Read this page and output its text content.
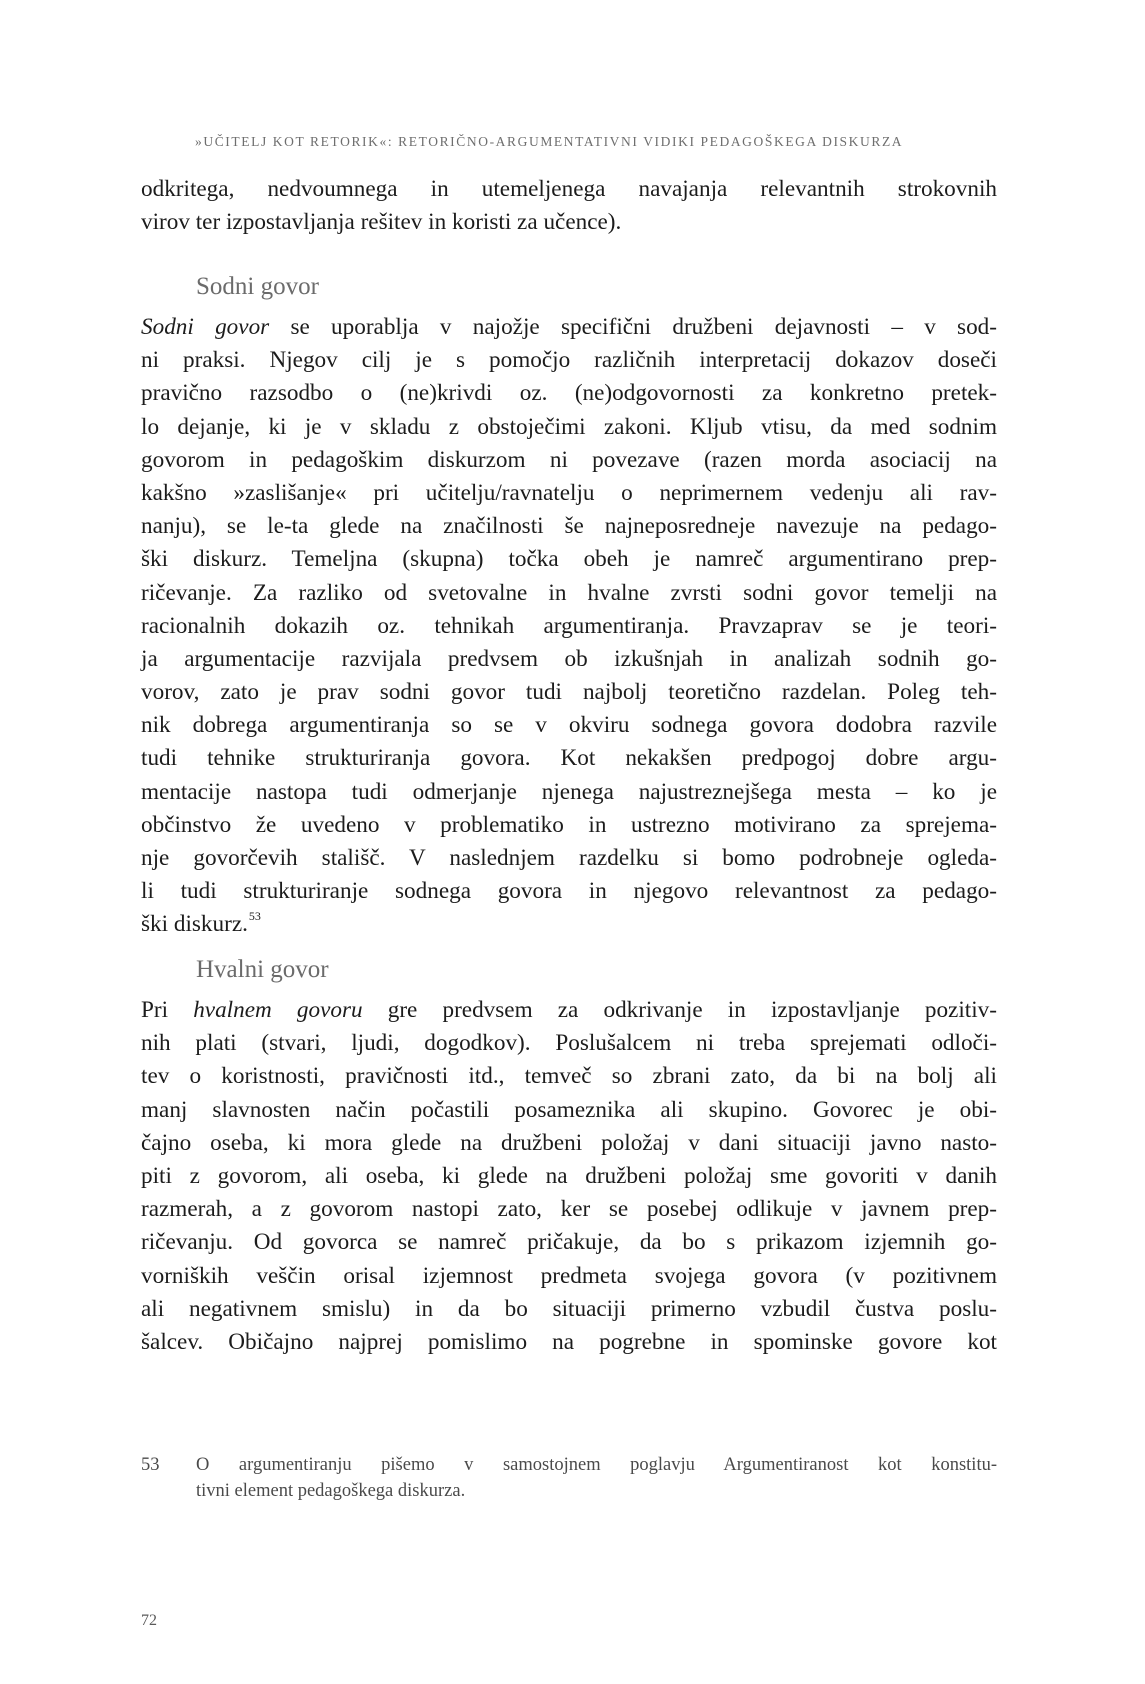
»UČITELJ KOT RETORIK«: RETORIČNO-ARGUMENTATIVNI VIDIKI PEDAGOŠKEGA DISKURZA
odkritega, nedvoumnega in utemeljenega navajanja relevantnih strokovnih
virov ter izpostavljanja rešitev in koristi za učence).
Sodni govor
Sodni govor se uporablja v najožje specifični družbeni dejavnosti – v sod-
ni praksi. Njegov cilj je s pomočjo različnih interpretacij dokazov doseči
pravično razsodbo o (ne)krivdi oz. (ne)odgovornosti za konkretno pretek-
lo dejanje, ki je v skladu z obstoječimi zakoni. Kljub vtisu, da med sodnim
govorom in pedagoškim diskurzom ni povezave (razen morda asociacij na
kakšno »zaslišanje« pri učitelju/ravnatelju o neprimernem vedenju ali rav-
nanju), se le-ta glede na značilnosti še najneposredneje navezuje na pedago-
ški diskurz. Temeljna (skupna) točka obeh je namreč argumentirano prep-
ričevanje. Za razliko od svetovalne in hvalne zvrsti sodni govor temelji na
racionalnih dokazih oz. tehnikah argumentiranja. Pravzaprav se je teori-
ja argumentacije razvijala predvsem ob izkušnjah in analizah sodnih go-
vorov, zato je prav sodni govor tudi najbolj teoretično razdelan. Poleg teh-
nik dobrega argumentiranja so se v okviru sodnega govora dodobra razvile
tudi tehnike strukturiranja govora. Kot nekakšen predpogoj dobre argu-
mentacije nastopa tudi odmerjanje njenega najustreznejšega mesta – ko je
občinstvo že uvedeno v problematiko in ustrezno motivirano za sprejema-
nje govorčevih stališč. V naslednjem razdelku si bomo podrobneje ogleda-
li tudi strukturiranje sodnega govora in njegovo relevantnost za pedago-
ški diskurz.$^{53}$
Hvalni govor
Pri hvalnem govoru gre predvsem za odkrivanje in izpostavljanje pozitiv-
nih plati (stvari, ljudi, dogodkov). Poslušalcem ni treba sprejemati odloči-
tev o koristnosti, pravičnosti itd., temveč so zbrani zato, da bi na bolj ali
manj slavnosten način počastili posameznika ali skupino. Govorec je obi-
čajno oseba, ki mora glede na družbeni položaj v dani situaciji javno nasto-
piti z govorom, ali oseba, ki glede na družbeni položaj sme govoriti v danih
razmerah, a z govorom nastopi zato, ker se posebej odlikuje v javnem prep-
ričevanju. Od govorca se namreč pričakuje, da bo s prikazom izjemnih go-
vorniških veščin orisal izjemnost predmeta svojega govora (v pozitivnem
ali negativnem smislu) in da bo situaciji primerno vzbudil čustva poslu-
šalcev. Običajno najprej pomislimo na pogrebne in spominske govore kot
53 O argumentiranju pišemo v samostojnem poglavju Argumentiranost kot konstitu-
tivni element pedagoškega diskurza.
72
